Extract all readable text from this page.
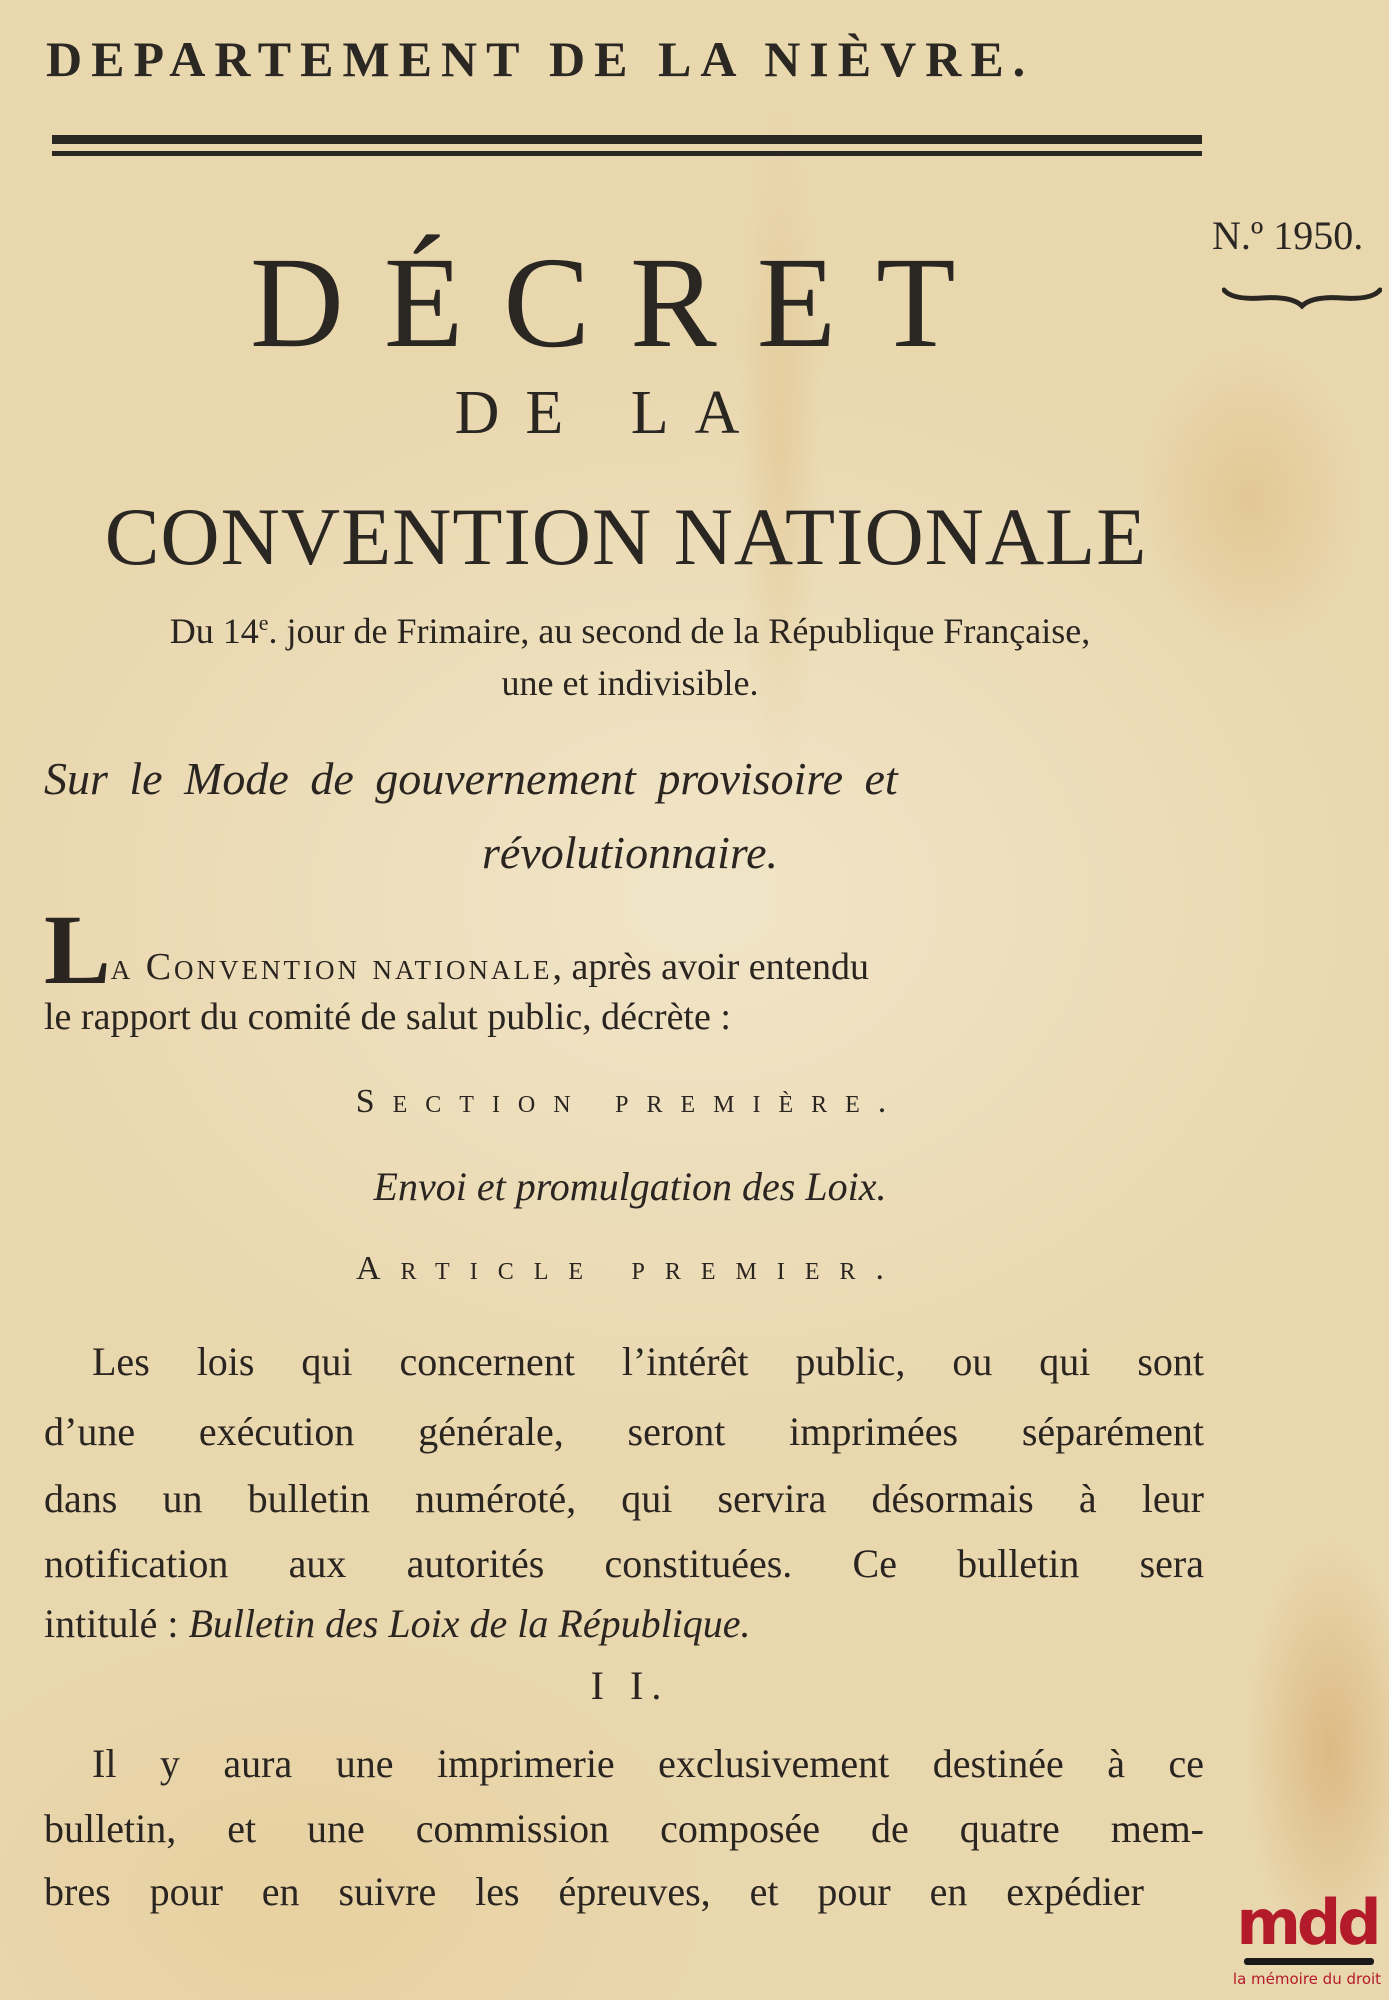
DEPARTEMENT DE LA NIÈVRE.
N.º 1950.
DÉCRET
DE LA
CONVENTION NATIONALE
Du 14e. jour de Frimaire, au second de la République Française,
une et indivisible.
Sur le Mode de gouvernement provisoire et
révolutionnaire.
La Convention nationale, après avoir entendu
le rapport du comité de salut public, décrète :
Section première.
Envoi et promulgation des Loix.
Article premier.
Les lois qui concernent l’intérêt public, ou qui sont
d’une exécution générale, seront imprimées séparément
dans un bulletin numéroté, qui servira désormais à leur
notification aux autorités constituées. Ce bulletin sera
intitulé : Bulletin des Loix de la République.
I I.
Il y aura une imprimerie exclusivement destinée à ce
bulletin, et une commission composée de quatre mem-
bres pour en suivre les épreuves, et pour en expédier mdd
la mémoire du droit
